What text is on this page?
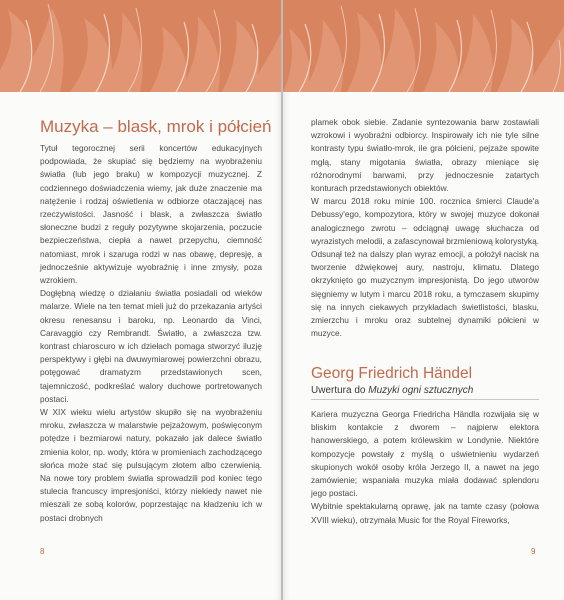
Muzyka – blask, mrok i półcień

Tytuł tegorocznej serii koncertów edukacyjnych podpowiada, że skupiać się będziemy na wyobrażeniu światła (lub jego braku) w kompozycji muzycznej. Z codziennego doświadczenia wiemy, jak duże znaczenie ma natężenie i rodzaj oświetlenia w odbiorze otaczającej nas rzeczywistości. Jasność i blask, a zwłaszcza światło słoneczne budzi z reguły pozytywne skojarzenia, poczucie bezpieczeństwa, ciepła a nawet przepychu, ciemność natomiast, mrok i szaruga rodzi w nas obawę, depresję, a jednocześnie aktywizuje wyobraźnię i inne zmysły, poza wzrokiem.

Dogłębną wiedzę o działaniu światła posiadali od wieków malarze. Wiele na ten temat mieli już do przekazania artyści okresu renesansu i baroku, np. Leonardo da Vinci, Caravaggio czy Rembrandt. Światło, a zwłaszcza tzw. kontrast chiaroscuro w ich dziełach pomaga stworzyć iluzję perspektywy i głębi na dwuwymiarowej powierzchni obrazu, potęgować dramatyzm przedstawionych scen, tajemniczość, podkreślać walory duchowe portretowanych postaci.

W XIX wieku wielu artystów skupiło się na wyobrażeniu mroku, zwłaszcza w malarstwie pejzażowym, poświęconym potędze i bezmiarowi natury, pokazało jak dalece światło zmienia kolor, np. wody, która w promieniach zachodzącego słońca może stać się pulsującym złotem albo czerwienią. Na nowe tory problem światła sprowadzili pod koniec tego stulecia francuscy impresjoniści, którzy niekiedy nawet nie mieszali ze sobą kolorów, poprzestając na kładzeniu ich w postaci drobnych

8

plamek obok siebie. Zadanie syntezowania barw zostawiali wzrokowi i wyobraźni odbiorcy. Inspirowały ich nie tyle silne kontrasty typu światło-mrok, ile gra półcieni, pejzaże spowite mgłą, stany migotania światła, obrazy mieniące się różnorodnymi barwami, przy jednoczesnie zatartych konturach przedstawionych obiektów.

W marcu 2018 roku minie 100. rocznica śmierci Claude'a Debussy'ego, kompozytora, który w swojej muzyce dokonał analogicznego zwrotu – odciągnął uwagę słuchacza od wyrazistych melodii, a zafascynował brzmieniową kolorystyką. Odsunął też na dalszy plan wyraz emocji, a położył nacisk na tworzenie dźwiękowej aury, nastroju, klimatu. Dlatego okrzyknięto go muzycznym impresjonistą. Do jego utworów sięgniemy w lutym i marcu 2018 roku, a tymczasem skupimy się na innych ciekawych przykładach świetlistości, blasku, zmierzchu i mroku oraz subtelnej dynamiki półcieni w muzyce.

Georg Friedrich Händel
Uwertura do Muzyki ogni sztucznych

Kariera muzyczna Georga Friedricha Händla rozwijała się w bliskim kontakcie z dworem – najpierw elektora hanowerskiego, a potem królewskim w Londynie. Niektóre kompozycje powstały z myślą o uświetnieniu wydarzeń skupionych wokół osoby króla Jerzego II, a nawet na jego zamówienie; wspaniała muzyka miała dodawać splendoru jego postaci.

Wybitnie spektakularną oprawę, jak na tamte czasy (połowa XVIII wieku), otrzymała Music for the Royal Fireworks,

9
